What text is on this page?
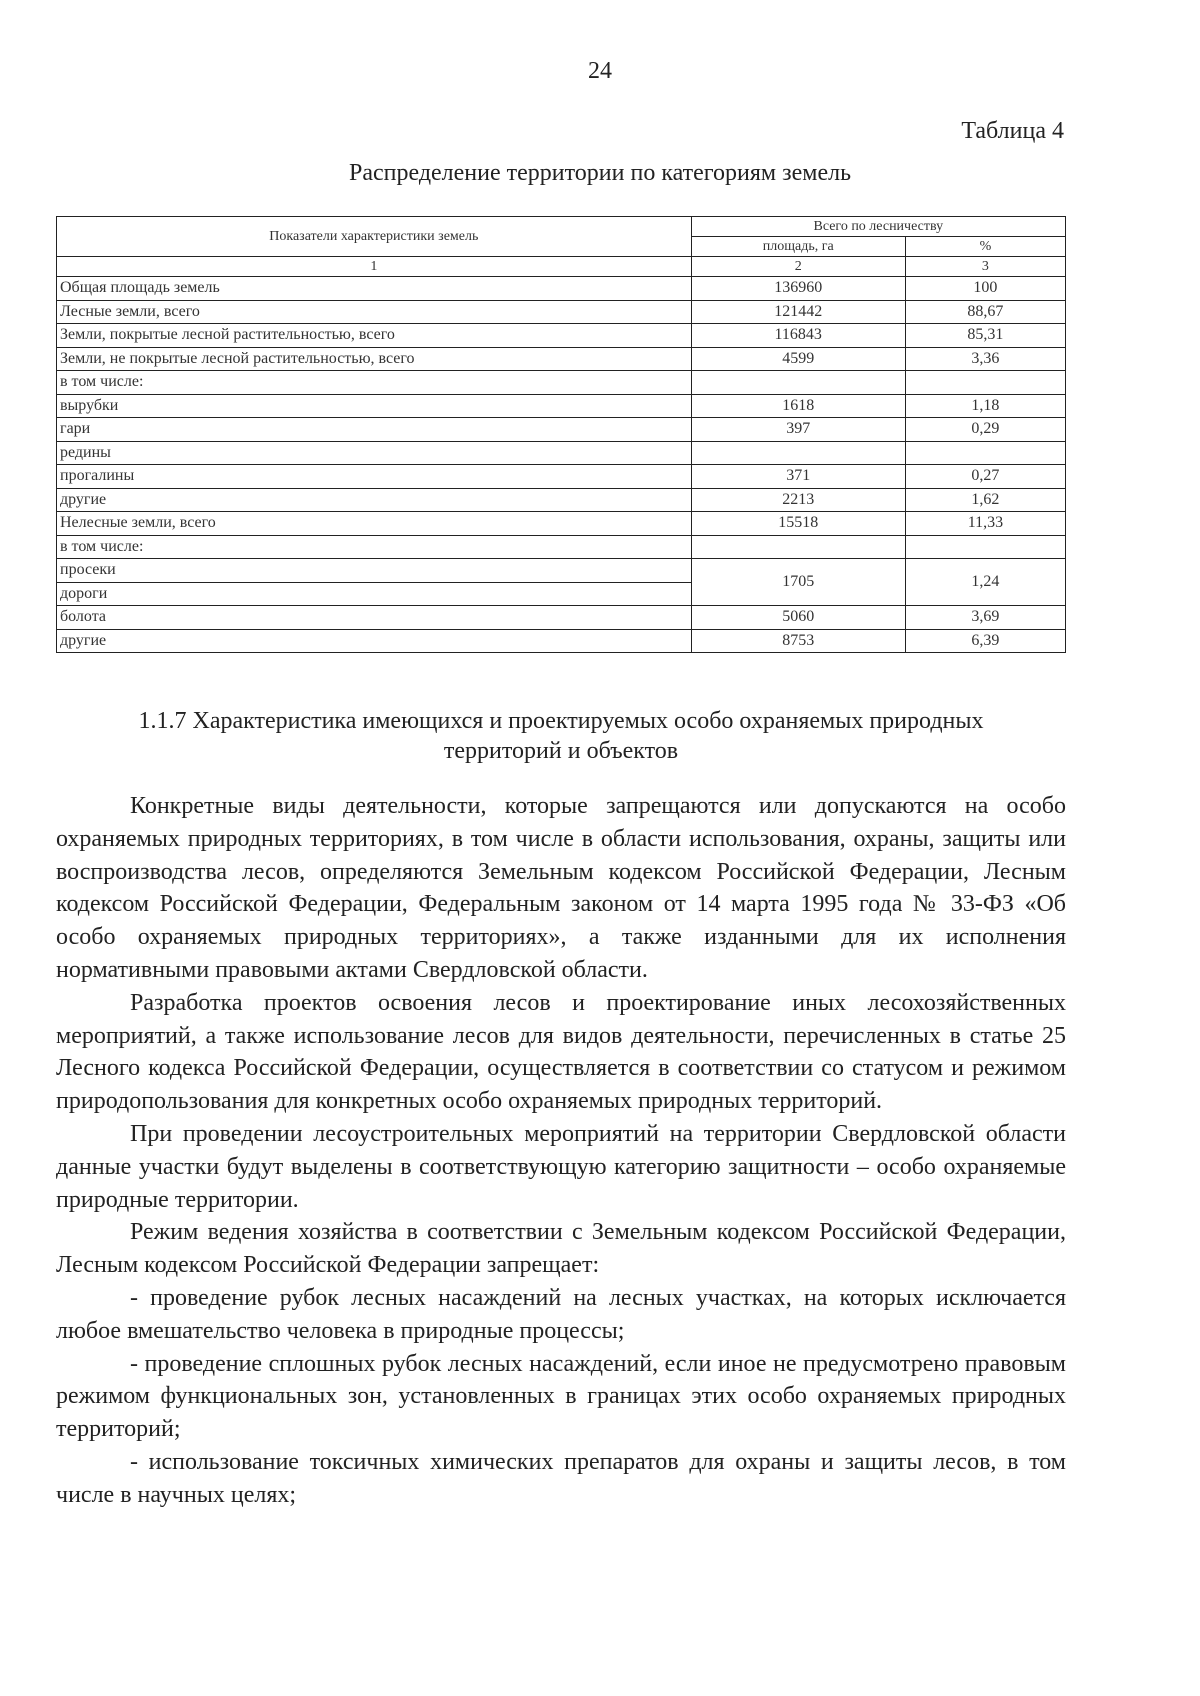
24
Таблица 4
Распределение территории по категориям земель
Показатели характеристики земель	Всего по лесничеству	
	площадь, га	%
1	2	3
Общая площадь земель	136960	100
Лесные земли, всего	121442	88,67
Земли, покрытые лесной растительностью, всего	116843	85,31
Земли, не покрытые лесной растительностью, всего	4599	3,36
в том числе:		
вырубки	1618	1,18
гари	397	0,29
редины		
прогалины	371	0,27
другие	2213	1,62
Нелесные земли, всего	15518	11,33
в том числе:		
просеки	1705	1,24
дороги		
болота	5060	3,69
другие	8753	6,39
1.1.7 Характеристика имеющихся и проектируемых особо охраняемых природных
территорий и объектов

Конкретные виды деятельности, которые запрещаются или допускаются на особо охраняемых природных территориях, в том числе в области использования, охраны, защиты или воспроизводства лесов, определяются Земельным кодексом Российской Федерации, Лесным кодексом Российской Федерации, Федеральным законом от 14 марта 1995 года № 33-ФЗ «Об особо охраняемых природных территориях», а также изданными для их исполнения нормативными правовыми актами Свердловской области.

Разработка проектов освоения лесов и проектирование иных лесохозяйственных мероприятий, а также использование лесов для видов деятельности, перечисленных в статье 25 Лесного кодекса Российской Федерации, осуществляется в соответствии со статусом и режимом природопользования для конкретных особо охраняемых природных территорий.

При проведении лесоустроительных мероприятий на территории Свердловской области данные участки будут выделены в соответствующую категорию защитности – особо охраняемые природные территории.

Режим ведения хозяйства в соответствии с Земельным кодексом Российской Федерации, Лесным кодексом Российской Федерации запрещает:

- проведение рубок лесных насаждений на лесных участках, на которых исключается любое вмешательство человека в природные процессы;

- проведение сплошных рубок лесных насаждений, если иное не предусмотрено правовым режимом функциональных зон, установленных в границах этих особо охраняемых природных территорий;

- использование токсичных химических препаратов для охраны и защиты лесов, в том числе в научных целях;
